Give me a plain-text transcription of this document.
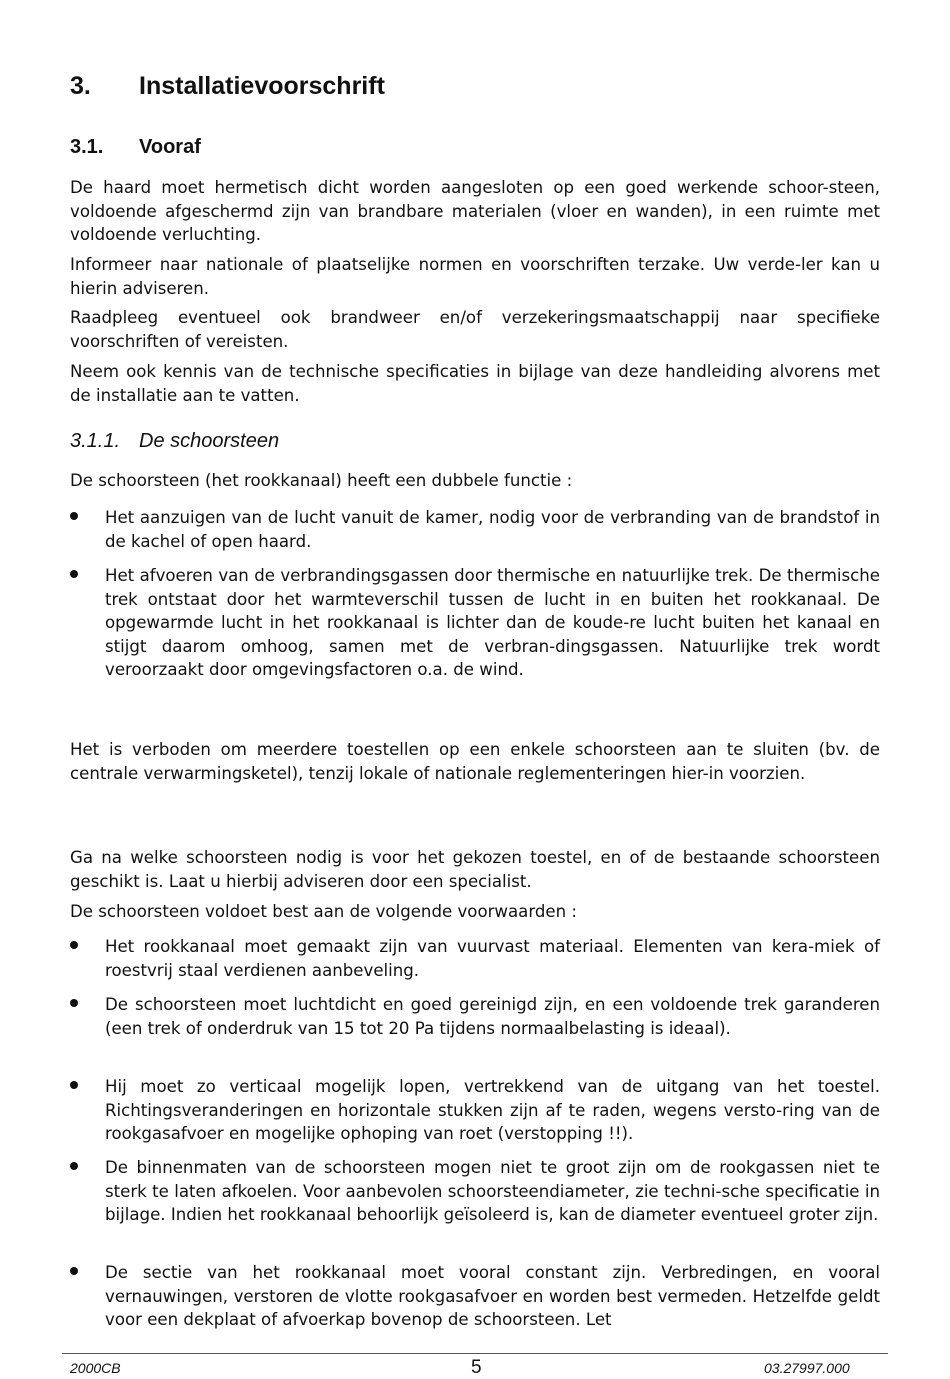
3. Installatievoorschrift
3.1. Vooraf

De haard moet hermetisch dicht worden aangesloten op een goed werkende schoor-steen, voldoende afgeschermd zijn van brandbare materialen (vloer en wanden), in een ruimte met voldoende verluchting.

Informeer naar nationale of plaatselijke normen en voorschriften terzake. Uw verde-ler kan u hierin adviseren.

Raadpleeg eventueel ook brandweer en/of verzekeringsmaatschappij naar specifieke voorschriften of vereisten.

Neem ook kennis van de technische specificaties in bijlage van deze handleiding alvorens met de installatie aan te vatten.

3.1.1. De schoorsteen

De schoorsteen (het rookkanaal) heeft een dubbele functie :

Het aanzuigen van de lucht vanuit de kamer, nodig voor de verbranding van de brandstof in de kachel of open haard.

Het afvoeren van de verbrandingsgassen door thermische en natuurlijke trek. De thermische trek ontstaat door het warmteverschil tussen de lucht in en buiten het rookkanaal. De opgewarmde lucht in het rookkanaal is lichter dan de koude-re lucht buiten het kanaal en stijgt daarom omhoog, samen met de verbran-dingsgassen. Natuurlijke trek wordt veroorzaakt door omgevingsfactoren o.a. de wind.

Het is verboden om meerdere toestellen op een enkele schoorsteen aan te sluiten (bv. de centrale verwarmingsketel), tenzij lokale of nationale reglementeringen hier-in voorzien.

Ga na welke schoorsteen nodig is voor het gekozen toestel, en of de bestaande schoorsteen geschikt is. Laat u hierbij adviseren door een specialist.

De schoorsteen voldoet best aan de volgende voorwaarden :

Het rookkanaal moet gemaakt zijn van vuurvast materiaal. Elementen van kera-miek of roestvrij staal verdienen aanbeveling.

De schoorsteen moet luchtdicht en goed gereinigd zijn, en een voldoende trek garanderen (een trek of onderdruk van 15 tot 20 Pa tijdens normaalbelasting is ideaal).

Hij moet zo verticaal mogelijk lopen, vertrekkend van de uitgang van het toestel. Richtingsveranderingen en horizontale stukken zijn af te raden, wegens versto-ring van de rookgasafvoer en mogelijke ophoping van roet (verstopping !!).

De binnenmaten van de schoorsteen mogen niet te groot zijn om de rookgassen niet te sterk te laten afkoelen. Voor aanbevolen schoorsteendiameter, zie techni-sche specificatie in bijlage. Indien het rookkanaal behoorlijk geïsoleerd is, kan de diameter eventueel groter zijn.

De sectie van het rookkanaal moet vooral constant zijn. Verbredingen, en vooral vernauwingen, verstoren de vlotte rookgasafvoer en worden best vermeden. Hetzelfde geldt voor een dekplaat of afvoerkap bovenop de schoorsteen. Let

2000CB	5	03.27997.000
